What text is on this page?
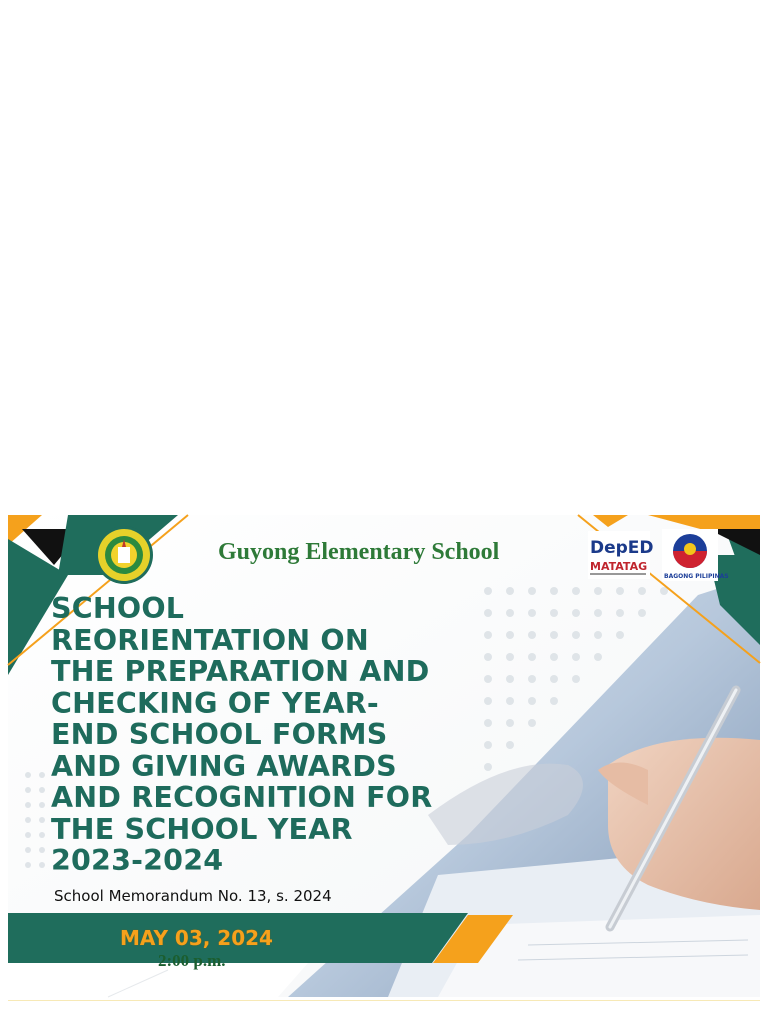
DepED
MATATAG
BAGONG PILIPINAS
Guyong Elementary School
SCHOOL
REORIENTATION ON
THE PREPARATION AND
CHECKING OF YEAR-
END SCHOOL FORMS
AND GIVING AWARDS
AND RECOGNITION FOR
THE SCHOOL YEAR
2023-2024
School Memorandum No. 13, s. 2024
MAY 03, 2024
2:00 p.m.
